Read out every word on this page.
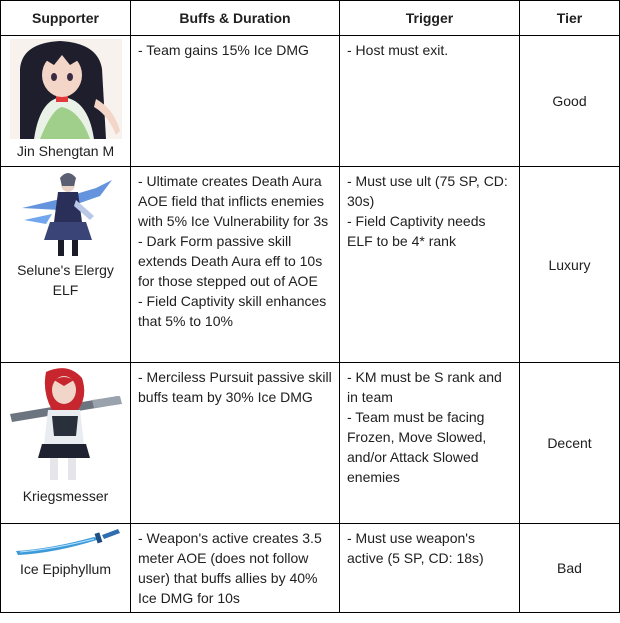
Supporter	Buffs & Duration	Trigger	Tier

Jin Shengtan M	- Team gains 15% Ice DMG	- Host must exit.	Good

Selune's Elergy ELF	- Ultimate creates Death Aura AOE field that inflicts enemies with 5% Ice Vulnerability for 3s
- Dark Form passive skill extends Death Aura eff to 10s for those stepped out of AOE
- Field Captivity skill enhances that 5% to 10%	- Must use ult (75 SP, CD: 30s)
- Field Captivity needs ELF to be 4* rank	Luxury

Kriegsmesser	- Merciless Pursuit passive skill buffs team by 30% Ice DMG	- KM must be S rank and in team
- Team must be facing Frozen, Move Slowed, and/or Attack Slowed enemies	Decent

Ice Epiphyllum	- Weapon's active creates 3.5 meter AOE (does not follow user) that buffs allies by 40% Ice DMG for 10s	- Must use weapon's active (5 SP, CD: 18s)	Bad
